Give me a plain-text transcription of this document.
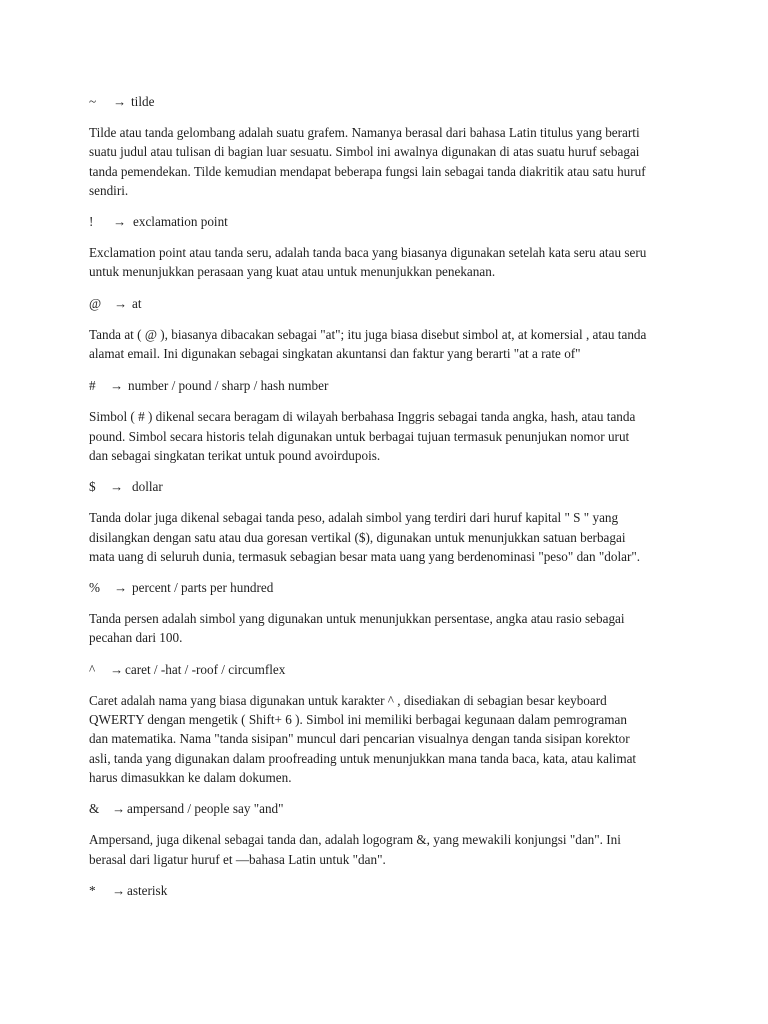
~	→ tilde
Tilde atau tanda gelombang adalah suatu grafem. Namanya berasal dari bahasa Latin titulus yang berarti
suatu judul atau tulisan di bagian luar sesuatu. Simbol ini awalnya digunakan di atas suatu huruf sebagai
tanda pemendekan. Tilde kemudian mendapat beberapa fungsi lain sebagai tanda diakritik atau satu huruf
sendiri.
!	→ exclamation point
Exclamation point atau tanda seru, adalah tanda baca yang biasanya digunakan setelah kata seru atau seru
untuk menunjukkan perasaan yang kuat atau untuk menunjukkan penekanan.
@ → at
Tanda at ( @ ), biasanya dibacakan sebagai "at"; itu juga biasa disebut simbol at, at komersial , atau tanda
alamat email. Ini digunakan sebagai singkatan akuntansi dan faktur yang berarti "at a rate of"
#	→ number / pound / sharp / hash number
Simbol ( # ) dikenal secara beragam di wilayah berbahasa Inggris sebagai tanda angka, hash, atau tanda
pound. Simbol secara historis telah digunakan untuk berbagai tujuan termasuk penunjukan nomor urut
dan sebagai singkatan terikat untuk pound avoirdupois.
$	→ dollar
Tanda dolar juga dikenal sebagai tanda peso, adalah simbol yang terdiri dari huruf kapital " S " yang
disilangkan dengan satu atau dua goresan vertikal ($), digunakan untuk menunjukkan satuan berbagai
mata uang di seluruh dunia, termasuk sebagian besar mata uang yang berdenominasi "peso" dan "dolar".
%	→ percent / parts per hundred
Tanda persen adalah simbol yang digunakan untuk menunjukkan persentase, angka atau rasio sebagai
pecahan dari 100.
^	→ caret / -hat / -roof / circumflex
Caret adalah nama yang biasa digunakan untuk karakter ^ , disediakan di sebagian besar keyboard
QWERTY dengan mengetik ( Shift+ 6 ). Simbol ini memiliki berbagai kegunaan dalam pemrograman
dan matematika. Nama "tanda sisipan" muncul dari pencarian visualnya dengan tanda sisipan korektor
asli, tanda yang digunakan dalam proofreading untuk menunjukkan mana tanda baca, kata, atau kalimat
harus dimasukkan ke dalam dokumen.
& → ampersand / people say "and"
Ampersand, juga dikenal sebagai tanda dan, adalah logogram &, yang mewakili konjungsi "dan". Ini
berasal dari ligatur huruf et —bahasa Latin untuk "dan".
*	→ asterisk
